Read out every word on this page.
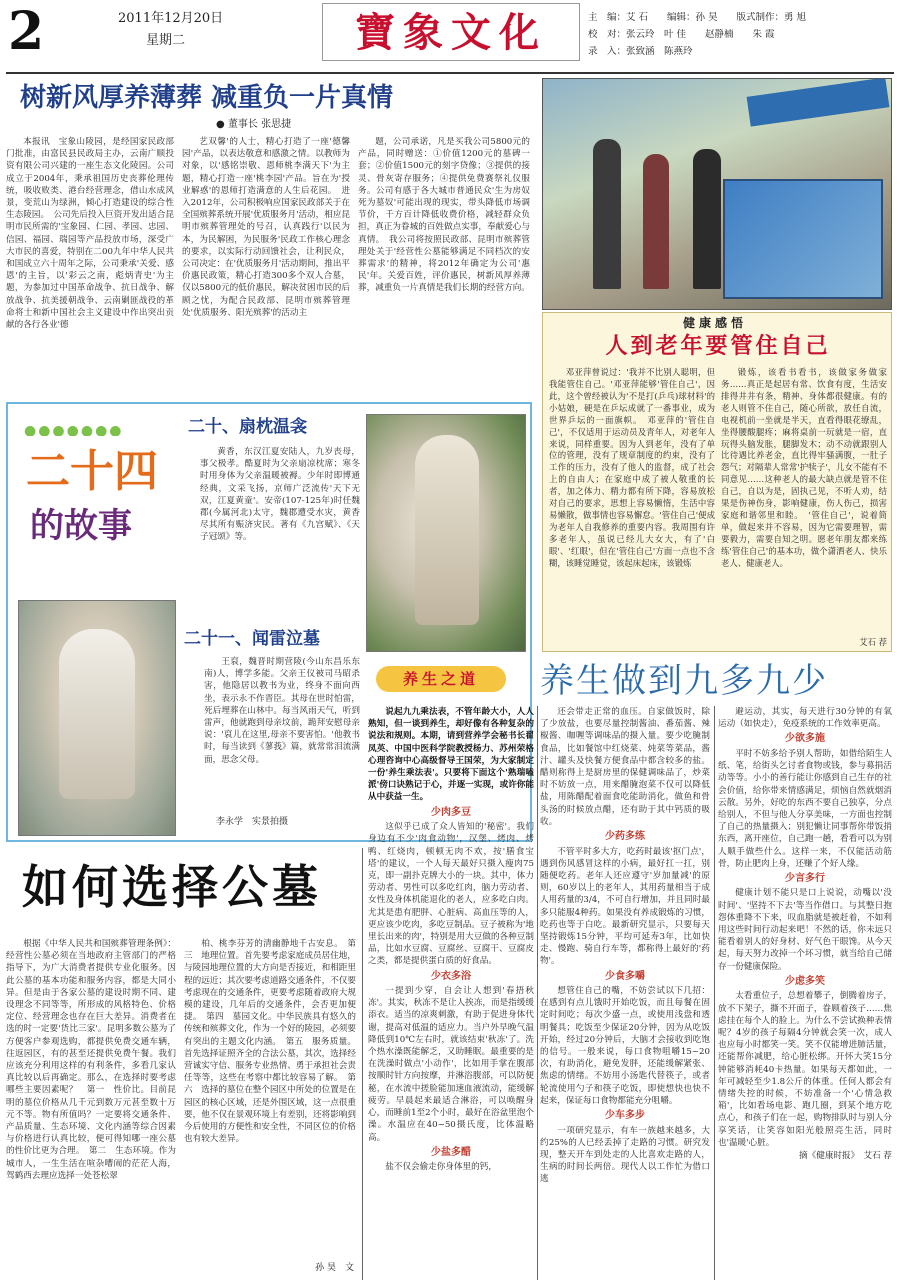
2	2011年12月20日
星期二	寶象文化	主　编：艾 石　　编辑：孙 昊　　版式制作：勇 旭
校　对：张云玲　叶 佳　　赵静楠　　朱 霞
录　入：张致涵　陈燕玲
树新风厚养薄葬 减重负一片真情
● 董事长 张思捷
本报讯　宝象山陵园，是经国家民政部门批准，由富民县民政局主办，云南广顺投资有限公司兴建的一座生态文化陵园。公司成立于2004年，秉承祖国历史丧葬伦理传统，吸收败类、港台经营理念，借山水成风景，变荒山为绿洲，倾心打造建设的综合性生态陵园。　公司先后投入巨资开发出适合昆明市民所需的'宝象园、仁园、孝园、忠园、信园、福园、瑞园等产品投放市场，深受广大市民的喜爱，特别在二00九年中华人民共和国成立六十周年之际，公司秉承'关爱、感恩'的主旨，以'彩云之南，彪炳青史'为主题，为参加过中国革命战争、抗日战争、解放战争、抗美援朝战争、云南剿匪战役的革命将士和新中国社会主义建设中作出突出贡献的各行各业'德
艺双馨'的人士，精心打造了一座'德馨园'产品，以表达敬意和感激之情。以教师为对象，以'感铭崇敬、恩师桃李满天下'为主题，精心打造一座'桃李园'产品。旨在为'授业解惑'的恩师打造满意的人生后花园。　进入2012年，公司积极响应国家民政部关于在全国殡葬系统开展'优质服务月'活动，相应昆明市殡葬管理处的号召，认真践行'以民为本，为民解困，为民服务'民政工作核心理念的要求，以实际行动回馈社会，让利民众，公司决定：在'优质服务月'活动期间，推出平价惠民政策，精心打造300多个双人合墓，仅以5800元的低价惠民，解决贫困市民的后顾之忧，为配合民政部、昆明市殡葬管理处'优质服务、阳光殡葬'的活动主
题，公司承诺，凡是买我公司5800元的产品，同时赠送：①价值1200元的墓碑一套；②价值1500元的刻字贷像；③提供的接灵、骨灰寄存服务；④提供免费赛祭礼仪服务。公司有感于各大城市普通民众'生为房奴死为墓奴'可能出现的现实，带头降低市场调节价，千方百计降低收费价格，减轻群众负担，真正为眷城的百姓做点实事，奉献爱心与真情。　我公司将按照民政部、昆明市殡葬管理处关于'经营性公墓能够满足不同档次的安葬需求'的精神，将2012年确定为公司'惠民'年。关爱百姓，评价惠民，树新风厚养薄葬，减重负一片真情是我们长期的经营方向。
健康感悟
人到老年要管住自己
邓亚萍曾说过：'我并不比别人聪明，但我能管住自己。'邓亚萍能够'管住自己'，因此，这个曾经被认为'不是打(乒乓)球材料'的小姑娘，硬是在乒坛成就了一番事业，成为世界乒坛的一面旗帜。　邓亚萍的'管住自己'，不仅适用于运动员及青年人，对老年人来说，同样重要。因为人到老年，没有了单位的管理，没有了规章制度的约束，没有了工作的压力，没有了他人的监督，成了社会上的自由人；在家庭中成了被人敬重的长者，加之体力、精力都有所下降，容易放松对自己的要求，思想上容易懒惰，生活中容易懒散，做事情也容易懈怠。'管住自己'便成为老年人自我修养的重要内容。我周围有许多老年人，虽说已经儿大女大，有了'白眼'、'红眼'，但在'管住自己'方面一点也不含糊，该睡觉睡觉，该起床起床，该锻炼
锻炼，该看书看书，该做家务做家务……真正是起居有常、饮食有度，生活安排得井井有条，精神、身体都很健康。有的老人则管不住自己，随心所欲，放任自流，电视机前一坐就是半天，直看得眼花缭乱，坐得腰酸腿疼；麻将桌前一玩就是一宿，直玩得头脑发胀，腿脚发木；动不动就跟别人比待遇比养老金，直比得牢骚满腹，一肚子怨气；对隔辈人常常'护犊子'，儿女不能有不同意见……这种老人的最大缺点就是管不住自己，自以为是，固执己见，不听人劝，结果是伤神伤身，影响健康，伤人伤己，损害家庭和谐邻里和睦。　'管住自己'，说着简单，做起来并不容易，因为它需要理智，需要毅力，需要自知之明。愿老年朋友都来练练'管住自己'的基本功，做个潇洒老人、快乐老人、健康老人。
艾石 荐
●●●●●●●
二十四
的故事
二十、扇枕温衾
黄香，东汉江夏安陆人，九岁丧母，事父极孝。酷夏时为父亲扇凉枕席；寒冬时用身体为父亲温暖被褥。少年时即博通经典，文采飞扬，京师广泛流传'天下无双，江夏黄童'。安帝(107-125年)时任魏郡(今属河北)太守，魏郡遭受水灾，黄香尽其所有赈济灾民。著有《九宫赋》、《天子冠颂》等。
二十一、闻雷泣墓
王裒，魏晋时期营陵(今山东昌乐东南)人，博学多能。父亲王仪被司马昭杀害，他隐居以教书为业，终身不面向西坐，表示永不作晋臣。其母在世时怕雷，死后埋葬在山林中。每当风雨天气，听到雷声，他就跑到母亲坟前，跪拜安慰母亲说：'裒儿在这里,母亲不要害怕。'他教书时，每当读到《蓼莪》篇，就常常泪流满面，思念父母。
李永学　实景拍摄
如何选择公墓
根据《中华人民共和国殡葬管理条例》：经营性公墓必须在当地政府主管部门的严格指导下，为广大消费者提供专业化服务。因此公墓的基本功能和服务内容，都是大同小异。但是由于各家公墓的建设时期不同、建设理念不同等等，所形成的风格特色、价格定位、经营理念也存在巨大差异。消费者在选的时一定要'货比三家'。昆明多数公墓为了方便客户参观选购，都提供免费交通车辆，往返园区，有的甚至还提供免费午餐。我们应该充分利用这样的有利条件，多看几家认真比较以后再确定。那么，在选择时要考虑哪些主要因素呢？　第一　性价比。目前昆明的墓位价格从几千元到数万元甚至数十万元不等。物有所值吗？一定要将交通条件、产品质量、生态环境、文化内涵等综合因素与价格进行认真比较，便可得知哪一座公墓的性价比更为合理。　第二　生态环境。作为城市人，一生生活在喧杂嘈闹的茫茫人海，驾鹤西去理应选择一处苍松翠
柏、桃李芬芳的清幽静地千古安息。　第三　地理位置。首先要考虑家庭成员居住地，与陵园地理位置的大方向是否接近，和相距里程的远近；其次要考虑道路交通条件，不仅要考虑现在的交通条件，更要考虑随着政府大规模的建设，几年后的交通条件，会否更加便捷。　第四　墓园文化。中华民族具有悠久的传统和殡葬文化，作为一个好的陵园，必须要有突出的主题文化内涵。　第五　服务质量。首先选择证照齐全的合法公墓，其次，选择经营诚实守信、服务专业热情、勇于承担社会责任等等，这些在考察中都比较容易了解。　第六　选择的墓位在整个园区中所处的位置是在园区的核心区域，还是外围区域，这一点很重要，他不仅在景观环境上有差别，还将影响到今后使用的方便性和安全性，不同区位的价格也有较大差异。
孙 昊　文
养生之道	养生做到九多九少
说起九九乘法表，不管年龄大小，人人熟知，但一谈到养生，却好像有各种复杂的说法和规则。本期，请到营养学会秘书长翟凤英、中国中医科学院教授杨力、苏州荣格心理咨询中心高级督导王国荣，为大家制定一份'养生乘法表'。只要将下面这个'熟瑞嗑派'傍口诀熟记于心，并逐一实现，或许你能从中获益一生。
少肉多豆
这似乎已成了众人皆知的'秘密'。我们身边有不少'肉食动物'，汉堡、烤肉、烤鸭、红烧肉，顿顿无肉不欢，按'膳食宝塔'的建议，一个人每天最好只摄入瘦肉75克，即一副扑克牌大小的一块。其中，体力劳动者、男性可以多吃红肉，脑力劳动者、女性及身体机能退化的老人，应多吃白肉。尤其是患有肥胖、心脏病、高血压等的人，更应该少吃肉，多吃豆制品。豆子被称为'地里长出来的肉'，特别是用大豆做的各种豆制品，比如水豆腐、豆腐丝、豆腐干、豆腐皮之类，都是提供蛋白质的好食品。
少衣多浴
一提到少穿，自会让人想到'春捂秋冻'。其实，秋冻不是让人挨冻，而是指缓缓添衣。适当的凉爽刺激，有助于促进身体代谢，提高对低温的适应力。当户外早晚气温降低到10℃左右时，就该结束'秋冻'了。洗个热水澡既能解乏，又助睡眠。最重要的是在洗澡时做点'小动作'，比如用手掌在腹部按顺时针方向按摩，并淋浴腹部，可以防便秘，在水流中搓脸能加速血液流动，能缓解疲劳。早晨起来最适合淋浴，可以唤醒身心，而睡前1至2个小时，最好在浴盆里泡个澡。水温应在40~50摄氏度，比体温略高。
少盐多醋
盐不仅会偷走你身体里的钙，
还会带走正常的血压。自家做饭时，除了少放盐，也要尽量控制酱油、番茄酱、辣椒酱、咖喱等调味品的摄入量。要少吃腌制食品，比如餐馆中红烧菜、炖菜等菜品，酱汁、罐头及快餐方便食品中都含较多的盐。醋则称得上是厨房里的保健调味品了，炒菜时不妨放一点，用来醋腌泡菜不仅可以降低盐，用陈醋配着面食吃能助消化，做鱼和骨头汤的时候放点醋，还有助于其中钙质的吸收。
少药多练
不管平时多大方，吃药时最该'抠门点'，遇到伤风感冒这样的小病，最好扛一扛，别随便吃药。老年人还应遵守'岁加量减'的原则，60岁以上的老年人，其用药量相当于成人用药量的3/4，不可自行增加，并且同时最多只能服4种药。如果没有养成锻炼的习惯，吃药也等于白吃。最新研究显示，只要每天坚持锻炼15分钟，平均可延寿3年，比如快走、慢跑、骑自行车等，都称得上最好的'药物'。
少食多嚼
想管住自己的嘴，不妨尝试以下几招：在感到有点儿饿时开始吃饭，而且每餐在固定时间吃；每次少盛一点，或使用浅盘和透明餐具；吃饭至少保证20分钟，因为从吃饭开始，经过20分钟后，大脑才会接收到吃饱的信号。一般来说，每口食物咀嚼15~20次，有助消化，避免发胖，还能缓解紧张、焦虑的情绪。不妨用小汤匙代替筷子，或者轮流使用勺子和筷子吃饭，即使想快也快不起来，保证每口食物都能充分咀嚼。
少车多步
一项研究显示，有车一族越来越多，大约25%的人已经丢掉了走路的习惯。研究发现，整天开车到处走的人比喜欢走路的人，生病的时间长两倍。现代人以工作忙为借口逃
避运动，其实，每天进行30分钟的有氧运动（如快走），免疫系统的工作效率更高。
少欲多施
平时不妨多给予别人帮助，如借给陌生人纸、笔，给街头乞讨者食物或钱，参与募捐活动等等。小小的善行能让你感到自己生存的社会价值，给你带来情感满足，烦恼自然就烟消云散。另外，好吃的东西不要自己独享，分点给别人，不但与他人分享美味，一方面也控制了自己的热量摄入；别犯懒让同事帮你带饭捎东西，离开座位，自己跑一趟，看看可以为别人顺手做些什么。这样一来，不仅能活动筋骨，防止肥肉上身，还赚了个好人缘。
少言多行
健康计划不能只是口上说说，动嘴以'没时间'、'坚持不下去'等当作借口。与其整日抱怨体重降不下来，叹血脂就是被赶着，不如利用这些时间行动起来吧！不然的话，你未远只能看着别人的好身材、好气色干眼馋。从今天起，每天努力改掉一个坏习惯，就当给自己储存一份健康保险。
少虑多笑
太看重位子，总想着攀子，倒腾着房子，放不下架子，撕不开面子，眷顾着孩子……焦虑挂在每个人的脸上。为什么不尝试换种表情呢？4岁的孩子每隔4分钟就会笑一次，成人也应每小时都笑一笑。笑不仅能增进肺活量，还能帮你减肥，给心脏松绑。开怀大笑15分钟能够消耗40卡热量。如果每天都如此，一年可减轻至少1.8公斤的体重。任何人都会有情绪失控的时候，不妨准备一个'心情急救箱'，比如看场电影、跑几圈，到某个地方吃点心，和孩子们在一起，购物排队时与别人分享笑话，让笑容如阳光般照亮生活，同时也'温暖'心脏。
摘《健康时报》　艾石 荐
